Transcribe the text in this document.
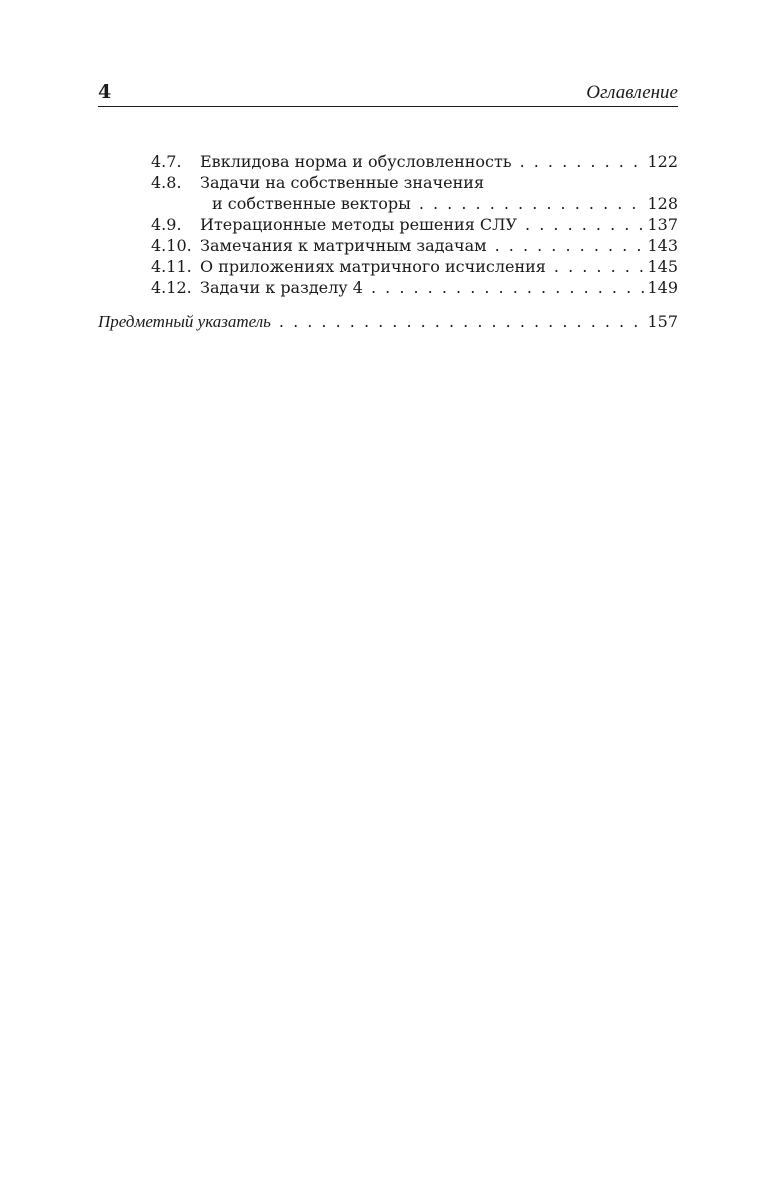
4	Оглавление
4.7. Евклидова норма и обусловленность . . .	122
4.8. Задачи на собственные значения
и собственные векторы . . .	128
4.9. Итерационные методы решения СЛУ . . .	137
4.10. Замечания к матричным задачам . . .	143
4.11. О приложениях матричного исчисления . . .	145
4.12. Задачи к разделу 4 . . .	149
Предметный указатель . . .	157
